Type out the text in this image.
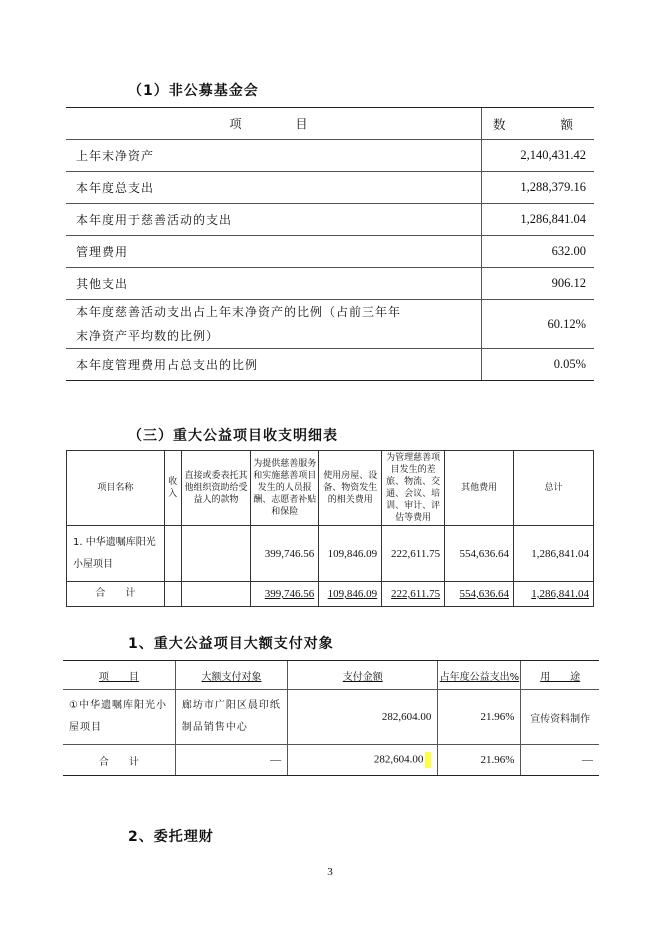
（1）非公募基金会
项　　目	数　　额
上年末净资产	2,140,431.42
本年度总支出	1,288,379.16
本年度用于慈善活动的支出	1,286,841.04
管理费用	632.00
其他支出	906.12
本年度慈善活动支出占上年末净资产的比例（占前三年年末净资产平均数的比例）	60.12%
本年度管理费用占总支出的比例	0.05%
（三）重大公益项目收支明细表
项目名称	收入	直接或委表托其他组织资助给受益人的款物	为提供慈善服务和实施慈善项目发生的人员报酬、志愿者补贴和保险	使用房屋、设备、物资发生的相关费用	为管理慈善项目发生的差旅、物流、交通、会议、培训、审计、评估等费用	其他费用	总计
1. 中华遗嘱库阳光小屋项目			399,746.56	109,846.09	222,611.75	554,636.64	1,286,841.04
合　　计			399,746.56	109,846.09	222,611.75	554,636.64	1,286,841.04
1、重大公益项目大额支付对象
项　　目	大额支付对象	支付金额	占年度公益支出%	用　　途
①中华遗嘱库阳光小屋项目	廊坊市广阳区晨印纸制品销售中心	282,604.00	21.96%	宣传资料制作
合　　计	—	282,604.00	21.96%	—
2、委托理财
3
